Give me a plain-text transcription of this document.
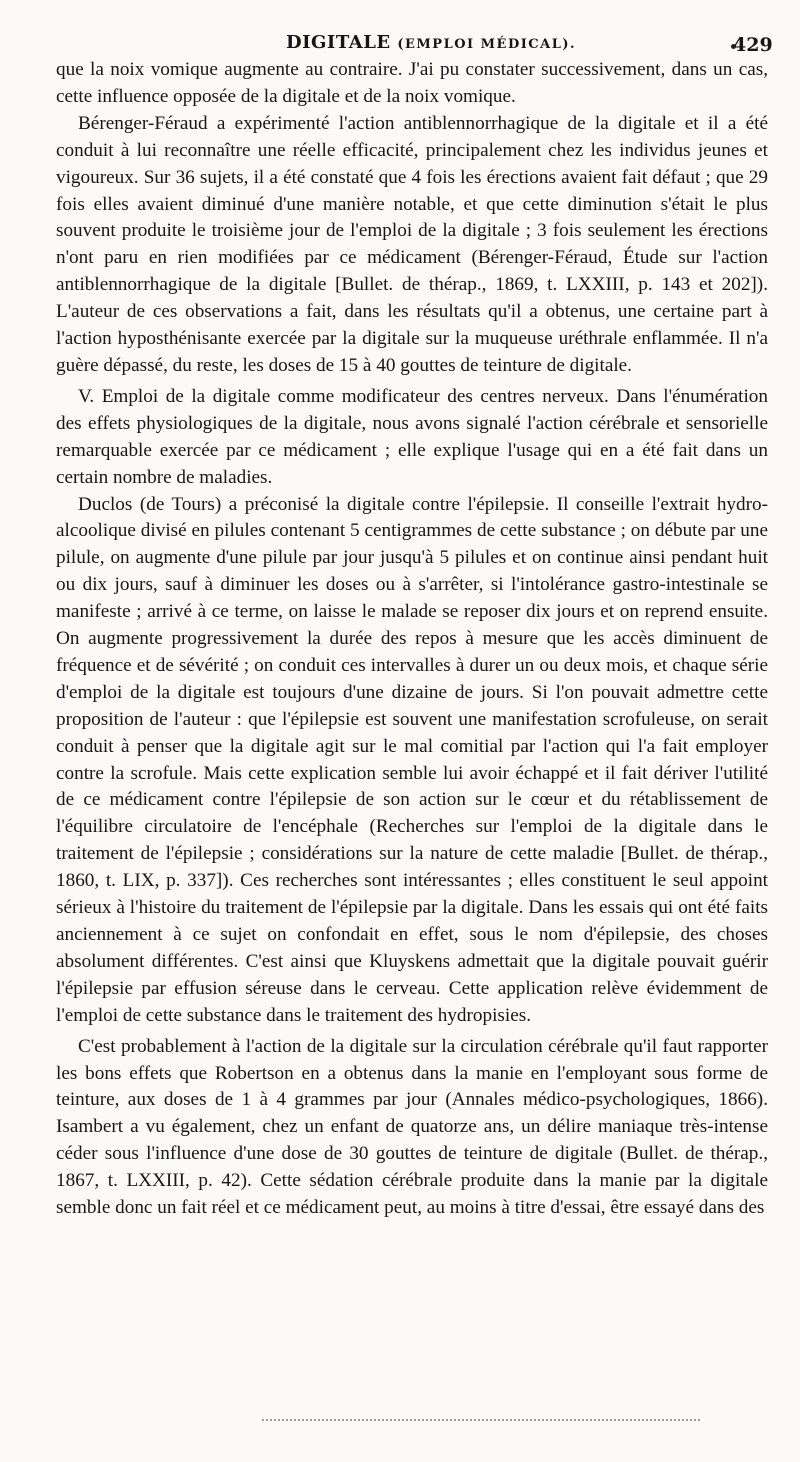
DIGITALE (EMPLOI MÉDICAL).	429

que la noix vomique augmente au contraire. J'ai pu constater successivement, dans un cas, cette influence opposée de la digitale et de la noix vomique.

Bérenger-Féraud a expérimenté l'action antiblennorrhagique de la digitale et il a été conduit à lui reconnaître une réelle efficacité, principalement chez les individus jeunes et vigoureux. Sur 36 sujets, il a été constaté que 4 fois les érections avaient fait défaut ; que 29 fois elles avaient diminué d'une manière notable, et que cette diminution s'était le plus souvent produite le troisième jour de l'emploi de la digitale ; 3 fois seulement les érections n'ont paru en rien modifiées par ce médicament (Bérenger-Féraud, Étude sur l'action antiblennorrhagique de la digitale [Bullet. de thérap., 1869, t. LXXIII, p. 143 et 202]). L'auteur de ces observations a fait, dans les résultats qu'il a obtenus, une certaine part à l'action hyposthénisante exercée par la digitale sur la muqueuse uréthrale enflammée. Il n'a guère dépassé, du reste, les doses de 15 à 40 gouttes de teinture de digitale.

V. Emploi de la digitale comme modificateur des centres nerveux. Dans l'énumération des effets physiologiques de la digitale, nous avons signalé l'action cérébrale et sensorielle remarquable exercée par ce médicament ; elle explique l'usage qui en a été fait dans un certain nombre de maladies.

Duclos (de Tours) a préconisé la digitale contre l'épilepsie. Il conseille l'extrait hydro-alcoolique divisé en pilules contenant 5 centigrammes de cette substance ; on débute par une pilule, on augmente d'une pilule par jour jusqu'à 5 pilules et on continue ainsi pendant huit ou dix jours, sauf à diminuer les doses ou à s'arrêter, si l'intolérance gastro-intestinale se manifeste ; arrivé à ce terme, on laisse le malade se reposer dix jours et on reprend ensuite. On augmente progressivement la durée des repos à mesure que les accès diminuent de fréquence et de sévérité ; on conduit ces intervalles à durer un ou deux mois, et chaque série d'emploi de la digitale est toujours d'une dizaine de jours. Si l'on pouvait admettre cette proposition de l'auteur : que l'épilepsie est souvent une manifestation scrofuleuse, on serait conduit à penser que la digitale agit sur le mal comitial par l'action qui l'a fait employer contre la scrofule. Mais cette explication semble lui avoir échappé et il fait dériver l'utilité de ce médicament contre l'épilepsie de son action sur le cœur et du rétablissement de l'équilibre circulatoire de l'encéphale (Recherches sur l'emploi de la digitale dans le traitement de l'épilepsie ; considérations sur la nature de cette maladie [Bullet. de thérap., 1860, t. LIX, p. 337]). Ces recherches sont intéressantes ; elles constituent le seul appoint sérieux à l'histoire du traitement de l'épilepsie par la digitale. Dans les essais qui ont été faits anciennement à ce sujet on confondait en effet, sous le nom d'épilepsie, des choses absolument différentes. C'est ainsi que Kluyskens admettait que la digitale pouvait guérir l'épilepsie par effusion séreuse dans le cerveau. Cette application relève évidemment de l'emploi de cette substance dans le traitement des hydropisies.

C'est probablement à l'action de la digitale sur la circulation cérébrale qu'il faut rapporter les bons effets que Robertson en a obtenus dans la manie en l'employant sous forme de teinture, aux doses de 1 à 4 grammes par jour (Annales médico-psychologiques, 1866). Isambert a vu également, chez un enfant de quatorze ans, un délire maniaque très-intense céder sous l'influence d'une dose de 30 gouttes de teinture de digitale (Bullet. de thérap., 1867, t. LXXIII, p. 42). Cette sédation cérébrale produite dans la manie par la digitale semble donc un fait réel et ce médicament peut, au moins à titre d'essai, être essayé dans des
